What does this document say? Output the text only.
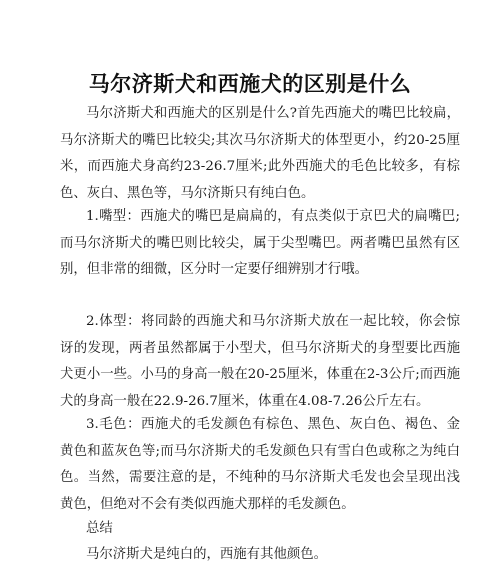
马尔济斯犬和西施犬的区别是什么

马尔济斯犬和西施犬的区别是什么?首先西施犬的嘴巴比较扁，马尔济斯犬的嘴巴比较尖;其次马尔济斯犬的体型更小，约20-25厘米，而西施犬身高约23-26.7厘米;此外西施犬的毛色比较多，有棕色、灰白、黑色等，马尔济斯只有纯白色。

1.嘴型：西施犬的嘴巴是扁扁的，有点类似于京巴犬的扁嘴巴;而马尔济斯犬的嘴巴则比较尖，属于尖型嘴巴。两者嘴巴虽然有区别，但非常的细微，区分时一定要仔细辨别才行哦。

2.体型：将同龄的西施犬和马尔济斯犬放在一起比较，你会惊讶的发现，两者虽然都属于小型犬，但马尔济斯犬的身型要比西施犬更小一些。小马的身高一般在20-25厘米，体重在2-3公斤;而西施犬的身高一般在22.9-26.7厘米，体重在4.08-7.26公斤左右。

3.毛色：西施犬的毛发颜色有棕色、黑色、灰白色、褐色、金黄色和蓝灰色等;而马尔济斯犬的毛发颜色只有雪白色或称之为纯白色。当然，需要注意的是，不纯种的马尔济斯犬毛发也会呈现出浅黄色，但绝对不会有类似西施犬那样的毛发颜色。

总结

马尔济斯犬是纯白的，西施有其他颜色。
